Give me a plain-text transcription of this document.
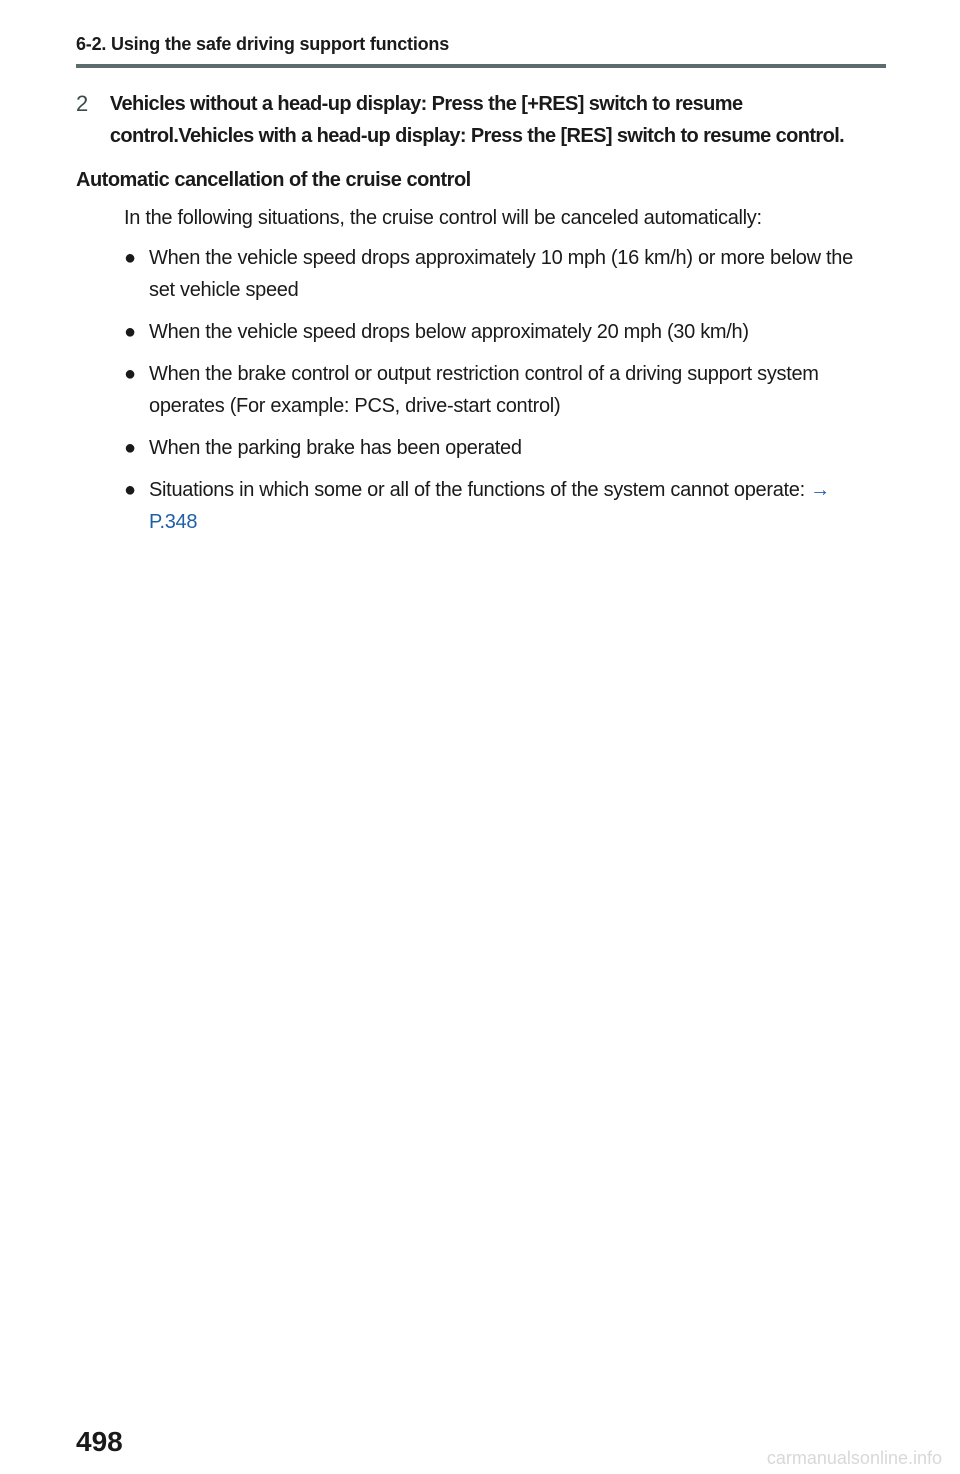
6-2. Using the safe driving support functions
2	Vehicles without a head-up display: Press the [+RES] switch to resume control.Vehicles with a head-up display: Press the [RES] switch to resume control.
Automatic cancellation of the cruise control
In the following situations, the cruise control will be canceled automatically:
● When the vehicle speed drops approximately 10 mph (16 km/h) or more below the set vehicle speed
● When the vehicle speed drops below approximately 20 mph (30 km/h)
● When the brake control or output restriction control of a driving support system operates (For example: PCS, drive-start control)
● When the parking brake has been operated
● Situations in which some or all of the functions of the system cannot operate: → P.348
498
carmanualsonline.info
